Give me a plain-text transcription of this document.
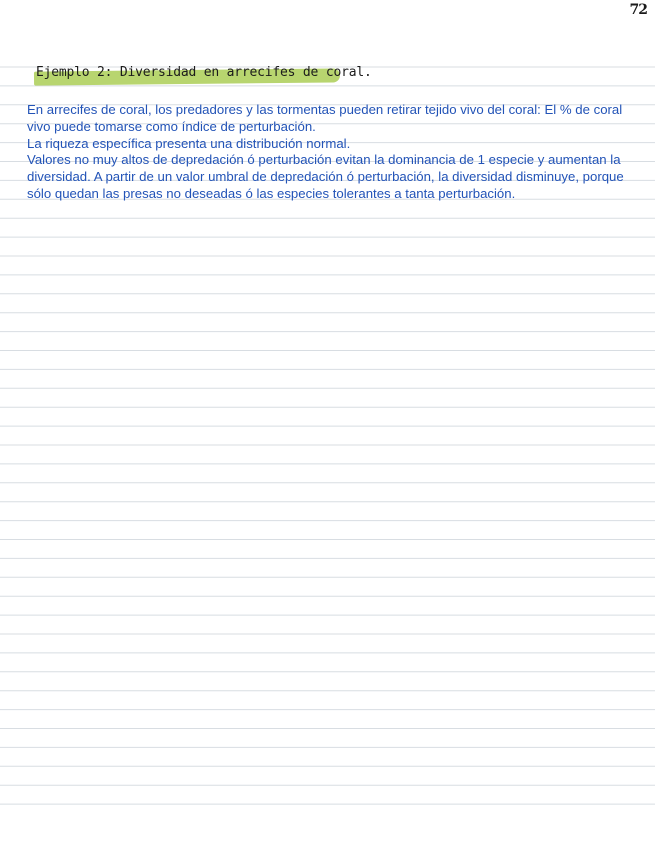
72
Ejemplo 2: Diversidad en arrecifes de coral.

En arrecifes de coral, los predadores y las tormentas pueden retirar tejido vivo del coral: El % de coral vivo puede tomarse como índice de perturbación.

La riqueza específica presenta una distribución normal.

Valores no muy altos de depredación ó perturbación evitan la dominancia de 1 especie y aumentan la diversidad. A partir de un valor umbral de depredación ó perturbación, la diversidad disminuye, porque sólo quedan las presas no deseadas ó las especies tolerantes a tanta perturbación.
